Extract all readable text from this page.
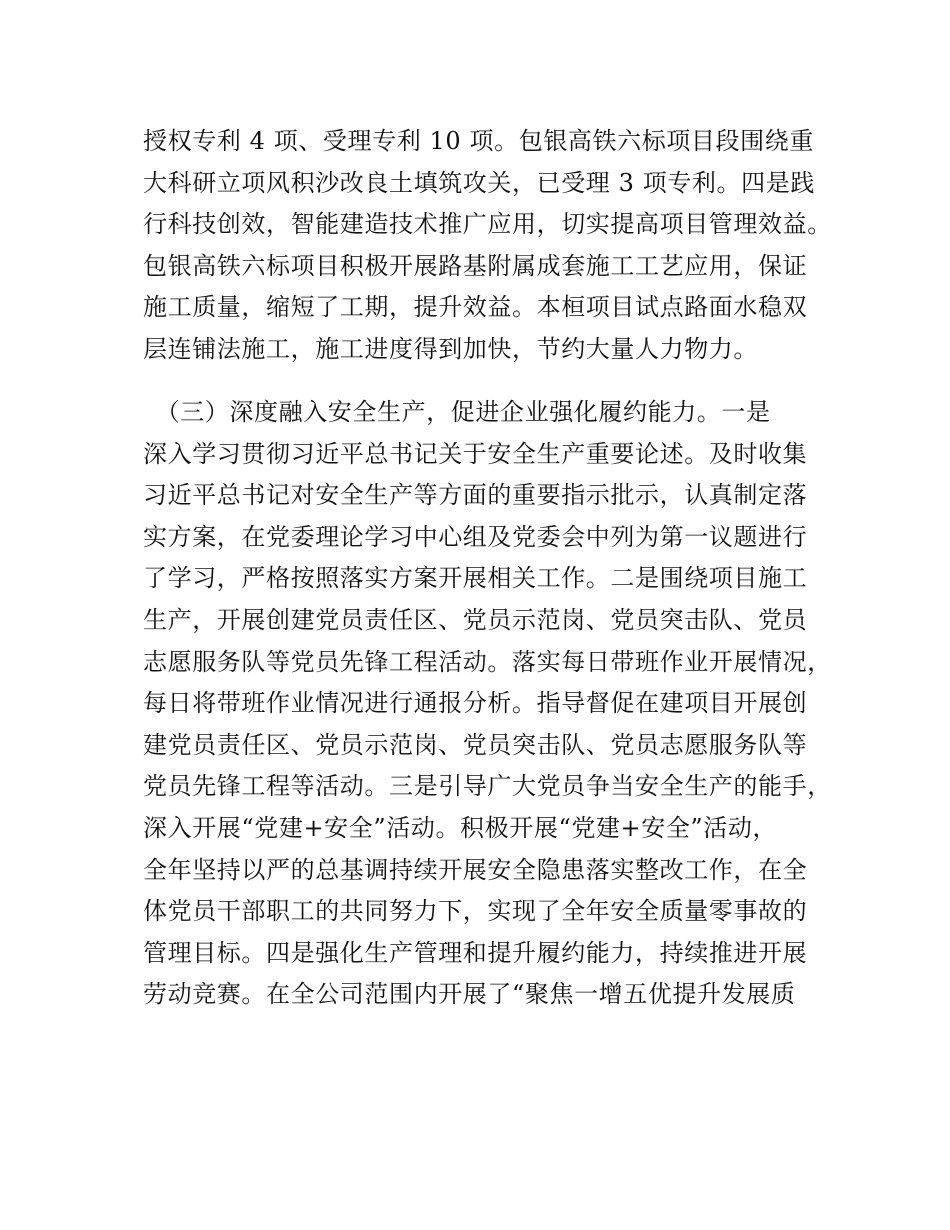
授权专利 4 项、受理专利 10 项。包银高铁六标项目段围绕重
大科研立项风积沙改良土填筑攻关，已受理 3 项专利。四是践
行科技创效，智能建造技术推广应用，切实提高项目管理效益。
包银高铁六标项目积极开展路基附属成套施工工艺应用，保证
施工质量，缩短了工期，提升效益。本桓项目试点路面水稳双
层连铺法施工，施工进度得到加快，节约大量人力物力。
　（三）深度融入安全生产，促进企业强化履约能力。一是
深入学习贯彻习近平总书记关于安全生产重要论述。及时收集
习近平总书记对安全生产等方面的重要指示批示，认真制定落
实方案，在党委理论学习中心组及党委会中列为第一议题进行
了学习，严格按照落实方案开展相关工作。二是围绕项目施工
生产，开展创建党员责任区、党员示范岗、党员突击队、党员
志愿服务队等党员先锋工程活动。落实每日带班作业开展情况，
每日将带班作业情况进行通报分析。指导督促在建项目开展创
建党员责任区、党员示范岗、党员突击队、党员志愿服务队等
党员先锋工程等活动。三是引导广大党员争当安全生产的能手，
深入开展“党建+安全”活动。积极开展“党建+安全”活动，
全年坚持以严的总基调持续开展安全隐患落实整改工作，在全
体党员干部职工的共同努力下，实现了全年安全质量零事故的
管理目标。四是强化生产管理和提升履约能力，持续推进开展
劳动竞赛。在全公司范围内开展了“聚焦一增五优提升发展质
